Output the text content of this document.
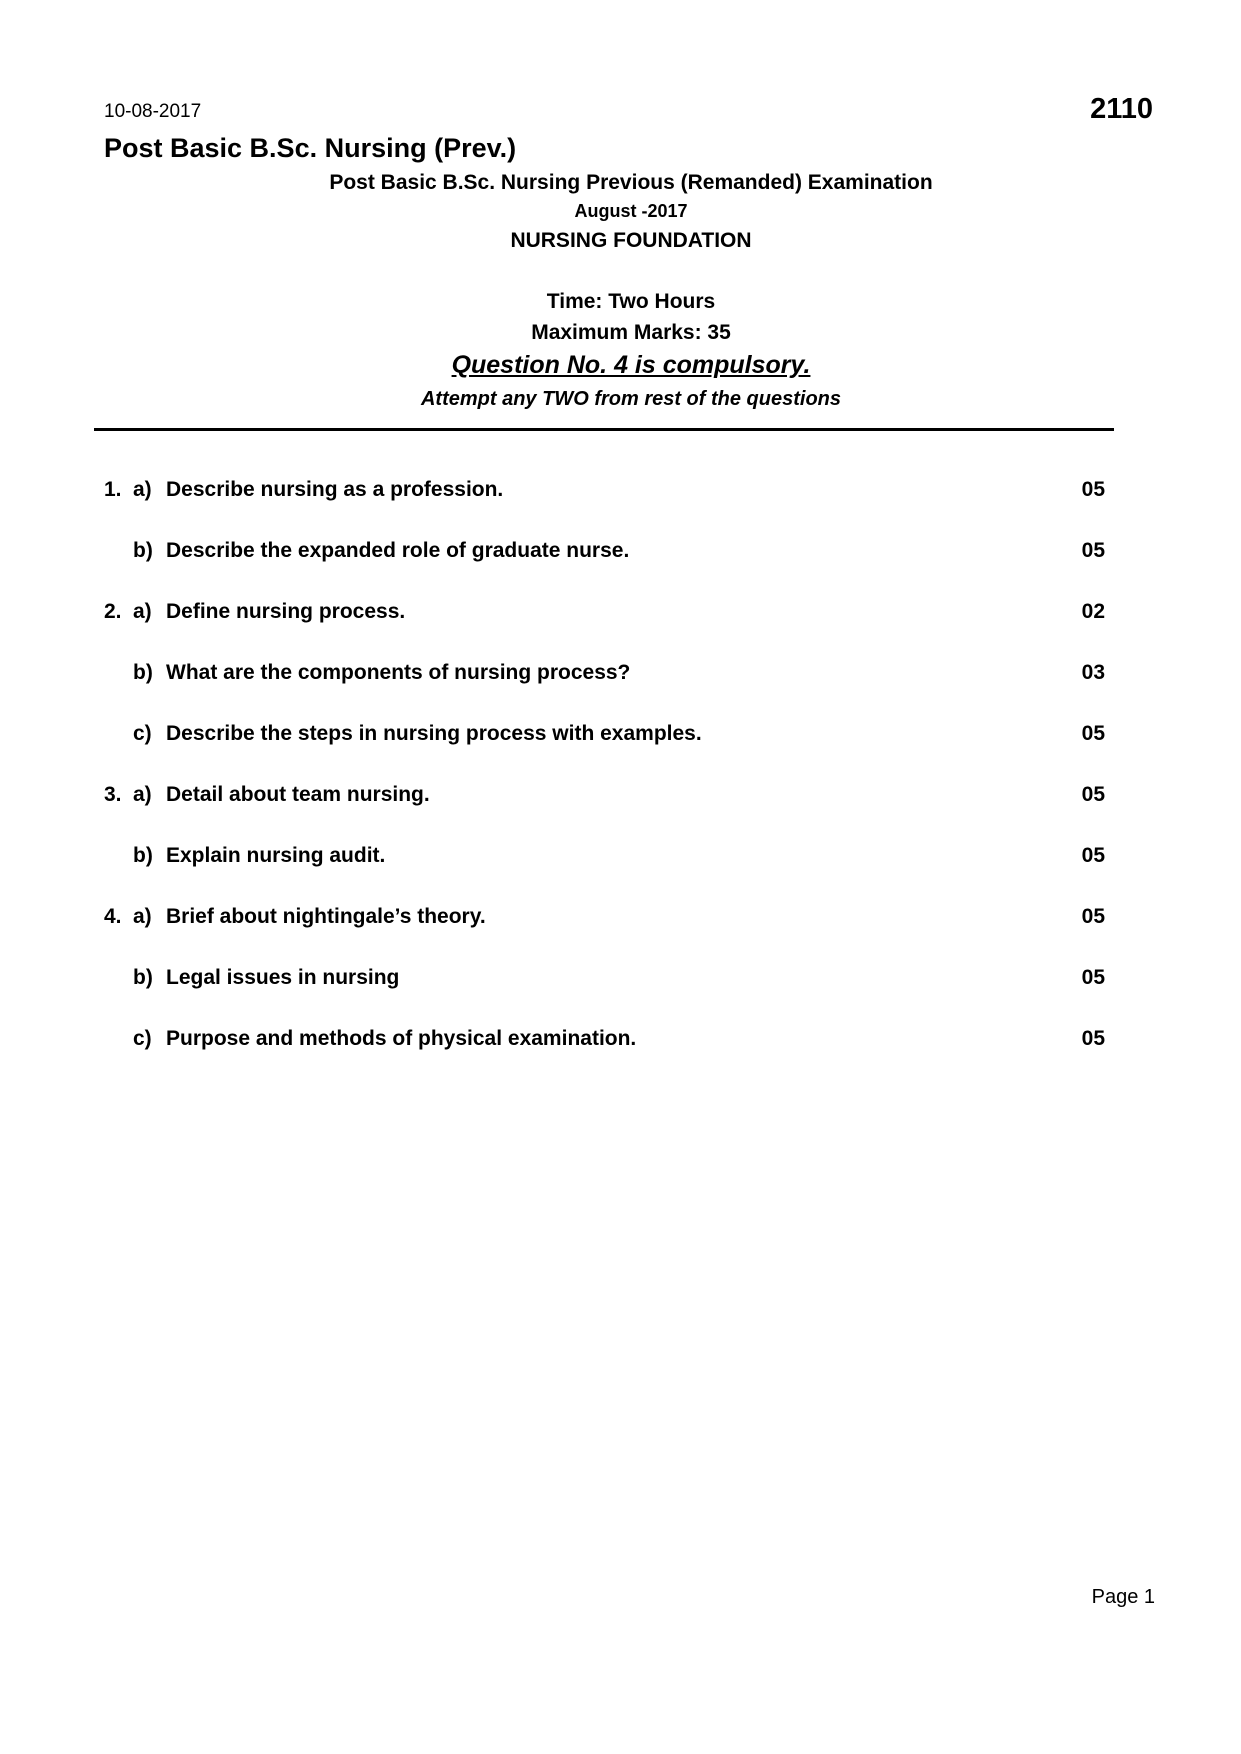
10-08-2017	2110
Post Basic B.Sc. Nursing (Prev.)
Post Basic B.Sc. Nursing Previous (Remanded) Examination
August -2017
NURSING FOUNDATION
Time: Two Hours
Maximum Marks: 35
Question No. 4 is compulsory.
Attempt any TWO from rest of the questions
1. a) Describe nursing as a profession.	05
b) Describe the expanded role of graduate nurse.	05
2. a) Define nursing process.	02
b) What are the components of nursing process?	03
c) Describe the steps in nursing process with examples.	05
3. a) Detail about team nursing.	05
b) Explain nursing audit.	05
4. a) Brief about nightingale’s theory.	05
b) Legal issues in nursing	05
c) Purpose and methods of physical examination.	05
Page 1
